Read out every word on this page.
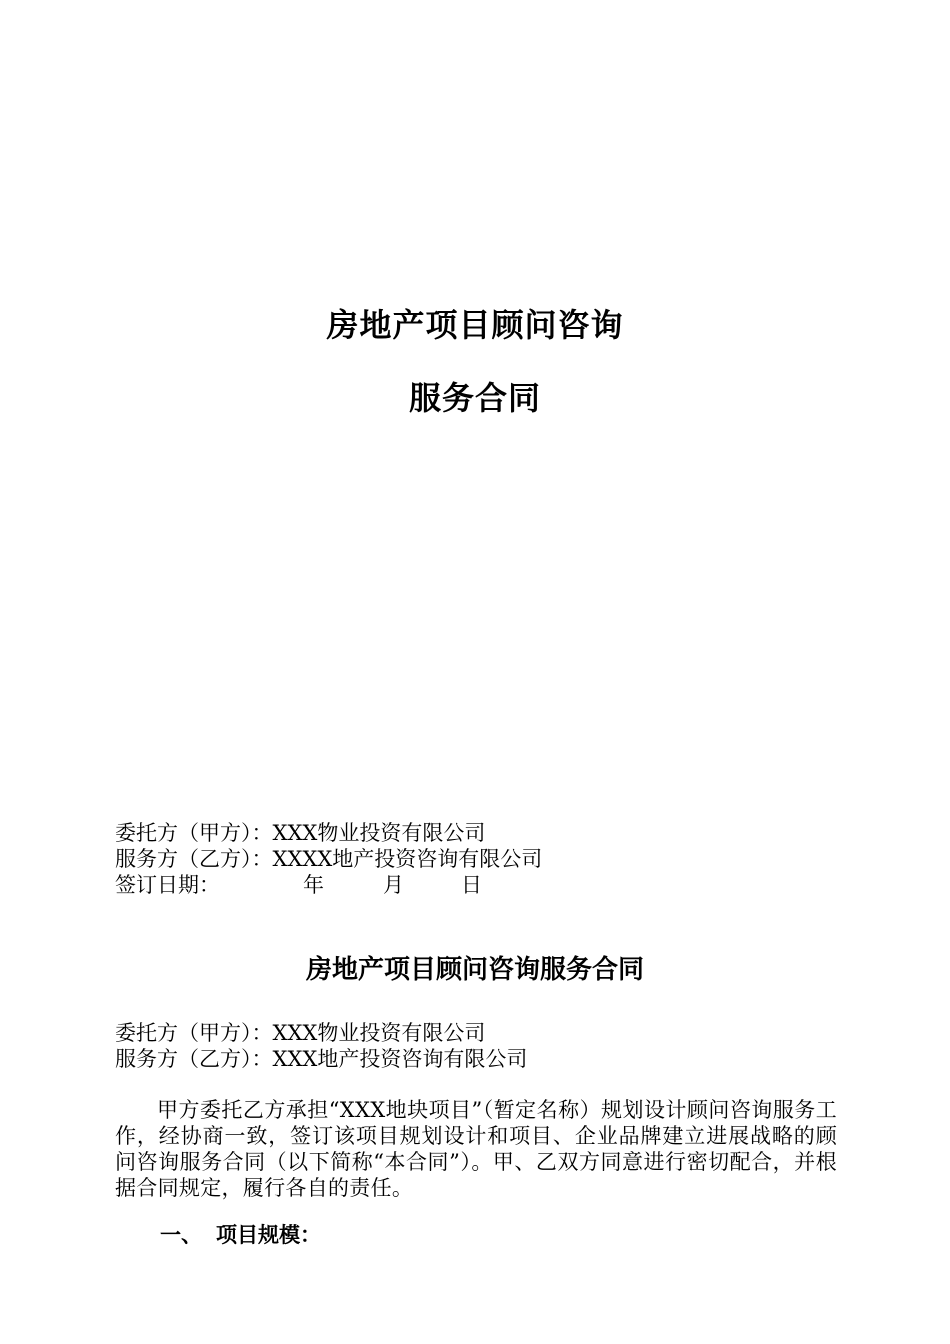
房地产项目顾问咨询
服务合同
委托方（甲方）：XXX物业投资有限公司
服务方（乙方）：XXXX地产投资咨询有限公司
签订日期：	年	月	日
房地产项目顾问咨询服务合同
委托方（甲方）：XXX物业投资有限公司
服务方（乙方）：XXX地产投资咨询有限公司
甲方委托乙方承担“XXX地块项目”（暂定名称）规划设计顾问咨询服务工作，经协商一致，签订该项目规划设计和项目、企业品牌建立进展战略的顾问咨询服务合同（以下简称“本合同”）。甲、乙双方同意进行密切配合，并根据合同规定，履行各自的责任。
一、 项目规模：
